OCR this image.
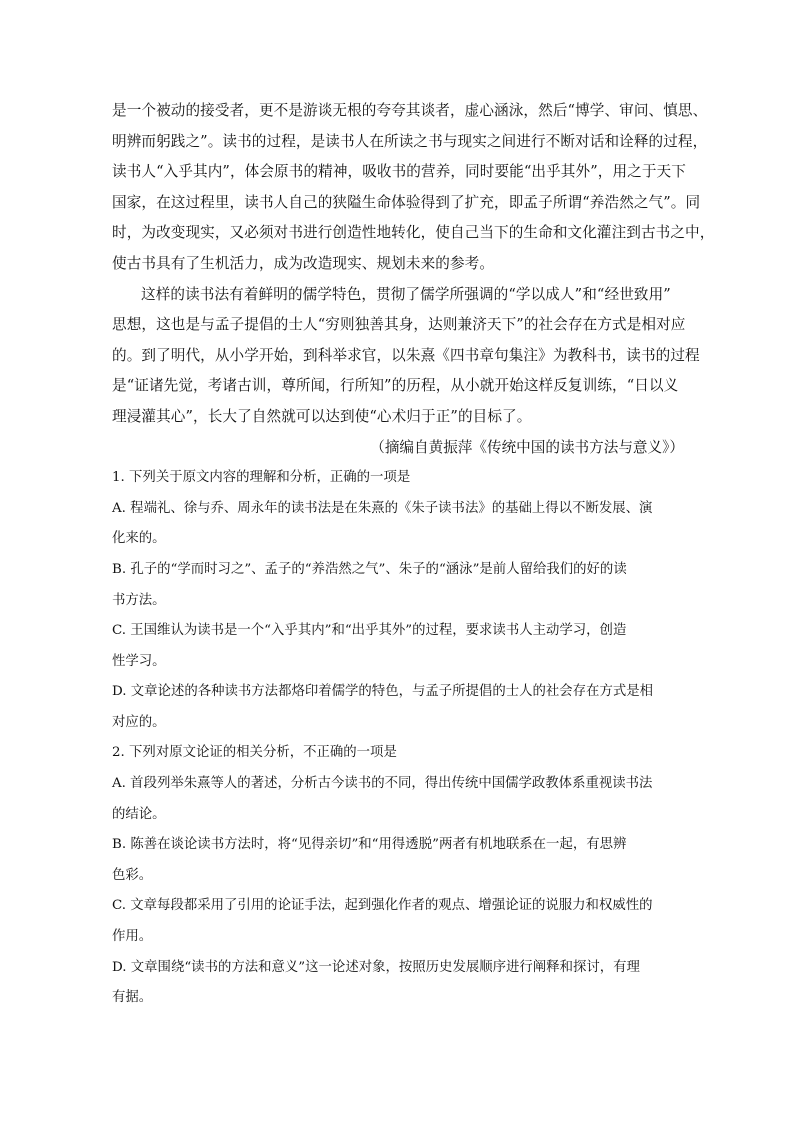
是一个被动的接受者，更不是游谈无根的夸夸其谈者，虚心涵泳，然后“博学、审问、慎思、
明辨而躬践之”。读书的过程，是读书人在所读之书与现实之间进行不断对话和诠释的过程，
读书人“入乎其内”，体会原书的精神，吸收书的营养，同时要能“出乎其外”，用之于天下
国家，在这过程里，读书人自己的狭隘生命体验得到了扩充，即孟子所谓“养浩然之气”。同
时，为改变现实，又必须对书进行创造性地转化，使自己当下的生命和文化灌注到古书之中，
使古书具有了生机活力，成为改造现实、规划未来的参考。
这样的读书法有着鲜明的儒学特色，贯彻了儒学所强调的“学以成人”和“经世致用”
思想，这也是与孟子提倡的士人“穷则独善其身，达则兼济天下”的社会存在方式是相对应
的。到了明代，从小学开始，到科举求官，以朱熹《四书章句集注》为教科书，读书的过程
是“证诸先觉，考诸古训，尊所闻，行所知”的历程，从小就开始这样反复训练，“日以义
理浸灌其心”，长大了自然就可以达到使“心术归于正”的目标了。
（摘编自黄振萍《传统中国的读书方法与意义》）
1. 下列关于原文内容的理解和分析，正确的一项是
A. 程端礼、徐与乔、周永年的读书法是在朱熹的《朱子读书法》的基础上得以不断发展、演
化来的。
B. 孔子的“学而时习之”、孟子的“养浩然之气”、朱子的“涵泳”是前人留给我们的好的读
书方法。
C. 王国维认为读书是一个“入乎其内”和“出乎其外”的过程，要求读书人主动学习，创造
性学习。
D. 文章论述的各种读书方法都烙印着儒学的特色，与孟子所提倡的士人的社会存在方式是相
对应的。
2. 下列对原文论证的相关分析，不正确的一项是
A. 首段列举朱熹等人的著述，分析古今读书的不同，得出传统中国儒学政教体系重视读书法
的结论。
B. 陈善在谈论读书方法时，将“见得亲切”和“用得透脱”两者有机地联系在一起，有思辨
色彩。
C. 文章每段都采用了引用的论证手法，起到强化作者的观点、增强论证的说服力和权威性的
作用。
D. 文章围绕“读书的方法和意义”这一论述对象，按照历史发展顺序进行阐释和探讨，有理
有据。
